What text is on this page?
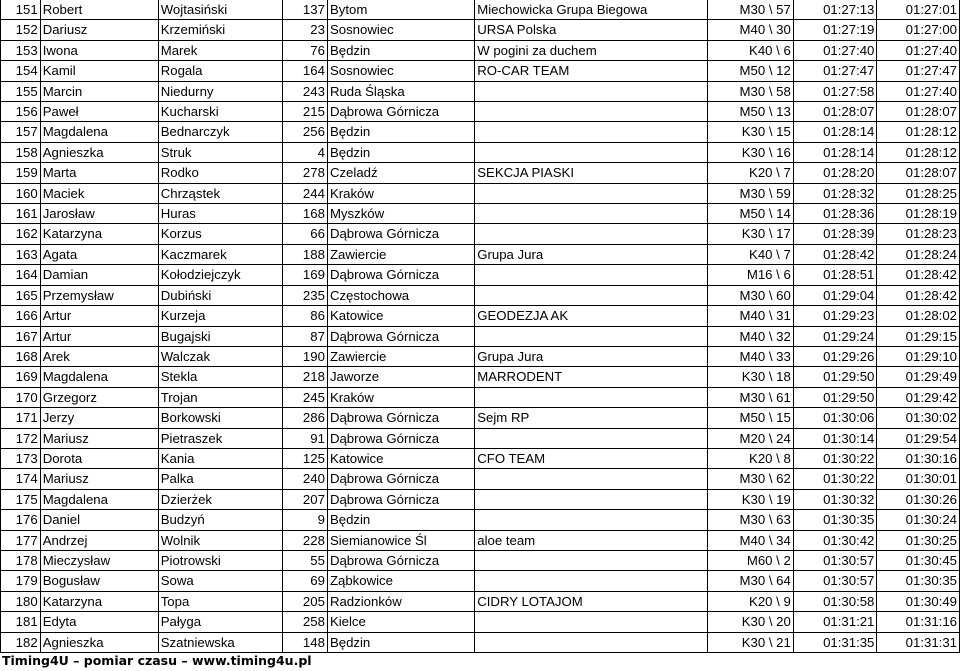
151	Robert	Wojtasiński	137	Bytom	Miechowicka Grupa Biegowa	M30 \ 57	01:27:13	01:27:01
152	Dariusz	Krzemiński	23	Sosnowiec	URSA Polska	M40 \ 30	01:27:19	01:27:00
153	Iwona	Marek	76	Będzin	W pogini za duchem	K40 \ 6	01:27:40	01:27:40
154	Kamil	Rogala	164	Sosnowiec	RO-CAR TEAM	M50 \ 12	01:27:47	01:27:47
155	Marcin	Niedurny	243	Ruda Śląska		M30 \ 58	01:27:58	01:27:40
156	Paweł	Kucharski	215	Dąbrowa Górnicza		M50 \ 13	01:28:07	01:28:07
157	Magdalena	Bednarczyk	256	Będzin		K30 \ 15	01:28:14	01:28:12
158	Agnieszka	Struk	4	Będzin		K30 \ 16	01:28:14	01:28:12
159	Marta	Rodko	278	Czeladź	SEKCJA PIASKI	K20 \ 7	01:28:20	01:28:07
160	Maciek	Chrząstek	244	Kraków		M30 \ 59	01:28:32	01:28:25
161	Jarosław	Huras	168	Myszków		M50 \ 14	01:28:36	01:28:19
162	Katarzyna	Korzus	66	Dąbrowa Górnicza		K30 \ 17	01:28:39	01:28:23
163	Agata	Kaczmarek	188	Zawiercie	Grupa Jura	K40 \ 7	01:28:42	01:28:24
164	Damian	Kołodziejczyk	169	Dąbrowa Górnicza		M16 \ 6	01:28:51	01:28:42
165	Przemysław	Dubiński	235	Częstochowa		M30 \ 60	01:29:04	01:28:42
166	Artur	Kurzeja	86	Katowice	GEODEZJA AK	M40 \ 31	01:29:23	01:28:02
167	Artur	Bugajski	87	Dąbrowa Górnicza		M40 \ 32	01:29:24	01:29:15
168	Arek	Walczak	190	Zawiercie	Grupa Jura	M40 \ 33	01:29:26	01:29:10
169	Magdalena	Stekla	218	Jaworze	MARRODENT	K30 \ 18	01:29:50	01:29:49
170	Grzegorz	Trojan	245	Kraków		M30 \ 61	01:29:50	01:29:42
171	Jerzy	Borkowski	286	Dąbrowa Górnicza	Sejm RP	M50 \ 15	01:30:06	01:30:02
172	Mariusz	Pietraszek	91	Dąbrowa Górnicza		M20 \ 24	01:30:14	01:29:54
173	Dorota	Kania	125	Katowice	CFO TEAM	K20 \ 8	01:30:22	01:30:16
174	Mariusz	Palka	240	Dąbrowa Górnicza		M30 \ 62	01:30:22	01:30:01
175	Magdalena	Dzierżek	207	Dąbrowa Górnicza		K30 \ 19	01:30:32	01:30:26
176	Daniel	Budzyń	9	Będzin		M30 \ 63	01:30:35	01:30:24
177	Andrzej	Wolnik	228	Siemianowice Śl	aloe team	M40 \ 34	01:30:42	01:30:25
178	Mieczysław	Piotrowski	55	Dąbrowa Górnicza		M60 \ 2	01:30:57	01:30:45
179	Bogusław	Sowa	69	Ząbkowice		M30 \ 64	01:30:57	01:30:35
180	Katarzyna	Topa	205	Radzionków	CIDRY LOTAJOM	K20 \ 9	01:30:58	01:30:49
181	Edyta	Pałyga	258	Kielce		K30 \ 20	01:31:21	01:31:16
182	Agnieszka	Szatniewska	148	Będzin		K30 \ 21	01:31:35	01:31:31
Timing4U – pomiar czasu – www.timing4u.pl
